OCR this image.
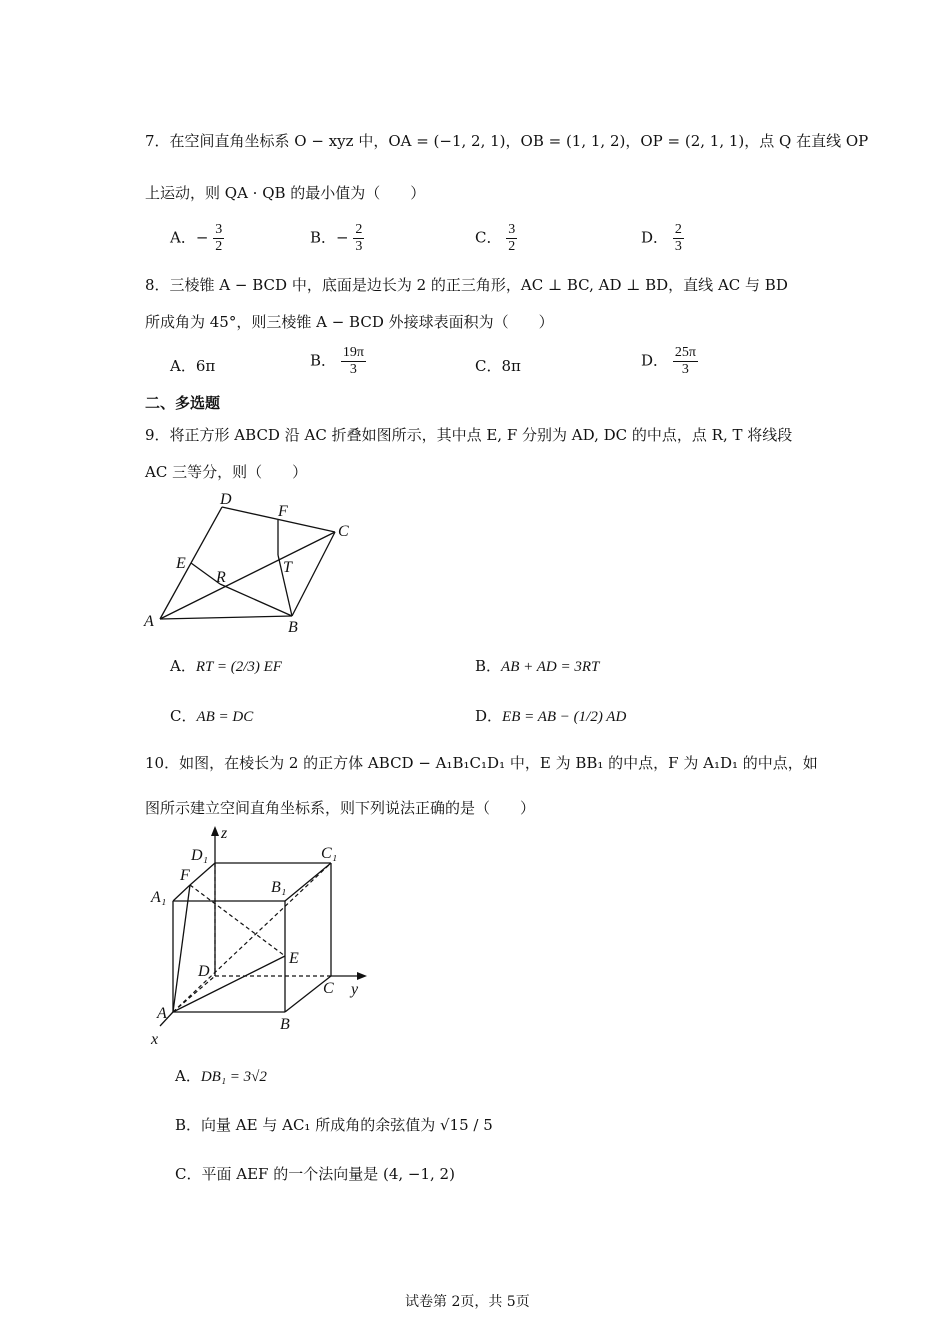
7．在空间直角坐标系 O − xyz 中，OA = (−1, 2, 1)，OB = (1, 1, 2)，OP = (2, 1, 1)，点 Q 在直线 OP
上运动，则 QA · QB 的最小值为（　　）
A．− $\frac{3}{2}$	B．− $\frac{2}{3}$	C． $\frac{3}{2}$	D． $\frac{2}{3}$
8．三棱锥 A − BCD 中，底面是边长为 2 的正三角形，AC ⊥ BC, AD ⊥ BD，直线 AC 与 BD
所成角为 45°，则三棱锥 A − BCD 外接球表面积为（　　）
A．6π	B． $\frac{19\pi}{3}$	C．8π	D． $\frac{25\pi}{3}$
二、多选题
9．将正方形 ABCD 沿 AC 折叠如图所示，其中点 E, F 分别为 AD, DC 的中点，点 R, T 将线段
AC 三等分，则（　　）
D
F
C
E
R
T
A	B
A．RT = (2/3) EF	B．AB + AD = 3RT
C．AB = DC	D．EB = AB − (1/2) AD
10．如图，在棱长为 2 的正方体 ABCD − A₁B₁C₁D₁ 中，E 为 BB₁ 的中点，F 为 A₁D₁ 的中点，如
图所示建立空间直角坐标系，则下列说法正确的是（　　）
z
D₁	C₁
F
B₁
A₁
D
E
C y
A
B
x
A．DB₁ = 3√2
B．向量 AE 与 AC₁ 所成角的余弦值为 √15 / 5
C．平面 AEF 的一个法向量是 (4, −1, 2)
试卷第 2页，共 5页
